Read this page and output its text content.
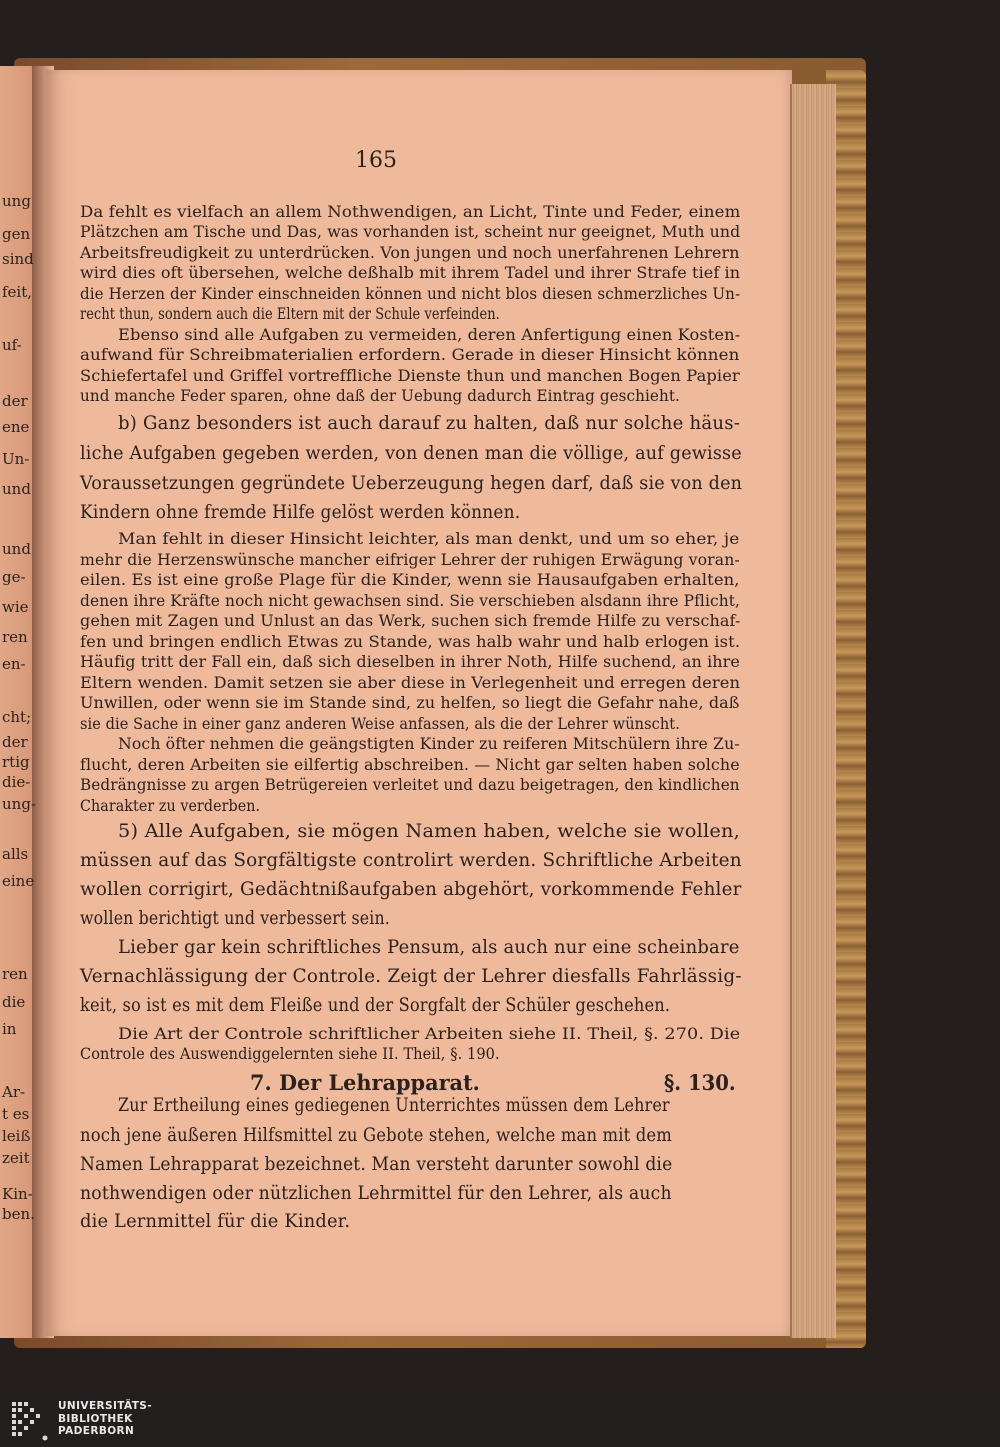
ung
gen
sind
feit,
uf-
der
ene
Un-
und
und
ge-
wie
ren
en-
cht;
der
rtig
die-
ung-
alls
eine
ren
die
in
Ar-
t es
leiß
zeit
Kin-
ben.
165
Da fehlt es vielfach an allem Nothwendigen, an Licht, Tinte und Feder, einem
Plätzchen am Tische und Das, was vorhanden ist, scheint nur geeignet, Muth und
Arbeitsfreudigkeit zu unterdrücken. Von jungen und noch unerfahrenen Lehrern
wird dies oft übersehen, welche deßhalb mit ihrem Tadel und ihrer Strafe tief in
die Herzen der Kinder einschneiden können und nicht blos diesen schmerzliches Un-
recht thun, sondern auch die Eltern mit der Schule verfeinden.
Ebenso sind alle Aufgaben zu vermeiden, deren Anfertigung einen Kosten-
aufwand für Schreibmaterialien erfordern. Gerade in dieser Hinsicht können
Schiefertafel und Griffel vortreffliche Dienste thun und manchen Bogen Papier
und manche Feder sparen, ohne daß der Uebung dadurch Eintrag geschieht.
b) Ganz besonders ist auch darauf zu halten, daß nur solche häus-
liche Aufgaben gegeben werden, von denen man die völlige, auf gewisse
Voraussetzungen gegründete Ueberzeugung hegen darf, daß sie von den
Kindern ohne fremde Hilfe gelöst werden können.
Man fehlt in dieser Hinsicht leichter, als man denkt, und um so eher, je
mehr die Herzenswünsche mancher eifriger Lehrer der ruhigen Erwägung voran-
eilen. Es ist eine große Plage für die Kinder, wenn sie Hausaufgaben erhalten,
denen ihre Kräfte noch nicht gewachsen sind. Sie verschieben alsdann ihre Pflicht,
gehen mit Zagen und Unlust an das Werk, suchen sich fremde Hilfe zu verschaf-
fen und bringen endlich Etwas zu Stande, was halb wahr und halb erlogen ist.
Häufig tritt der Fall ein, daß sich dieselben in ihrer Noth, Hilfe suchend, an ihre
Eltern wenden. Damit setzen sie aber diese in Verlegenheit und erregen deren
Unwillen, oder wenn sie im Stande sind, zu helfen, so liegt die Gefahr nahe, daß
sie die Sache in einer ganz anderen Weise anfassen, als die der Lehrer wünscht.
Noch öfter nehmen die geängstigten Kinder zu reiferen Mitschülern ihre Zu-
flucht, deren Arbeiten sie eilfertig abschreiben. — Nicht gar selten haben solche
Bedrängnisse zu argen Betrügereien verleitet und dazu beigetragen, den kindlichen
Charakter zu verderben.
5) Alle Aufgaben, sie mögen Namen haben, welche sie wollen,
müssen auf das Sorgfältigste controlirt werden. Schriftliche Arbeiten
wollen corrigirt, Gedächtnißaufgaben abgehört, vorkommende Fehler
wollen berichtigt und verbessert sein.
Lieber gar kein schriftliches Pensum, als auch nur eine scheinbare
Vernachlässigung der Controle. Zeigt der Lehrer diesfalls Fahrlässig-
keit, so ist es mit dem Fleiße und der Sorgfalt der Schüler geschehen.
Die Art der Controle schriftlicher Arbeiten siehe II. Theil, §. 270. Die
Controle des Auswendiggelernten siehe II. Theil, §. 190.
7. Der Lehrapparat.	§. 130.
Zur Ertheilung eines gediegenen Unterrichtes müssen dem Lehrer
noch jene äußeren Hilfsmittel zu Gebote stehen, welche man mit dem
Namen Lehrapparat bezeichnet. Man versteht darunter sowohl die
nothwendigen oder nützlichen Lehrmittel für den Lehrer, als auch
die Lernmittel für die Kinder.
UNIVERSITÄTS-
BIBLIOTHEK
PADERBORN
